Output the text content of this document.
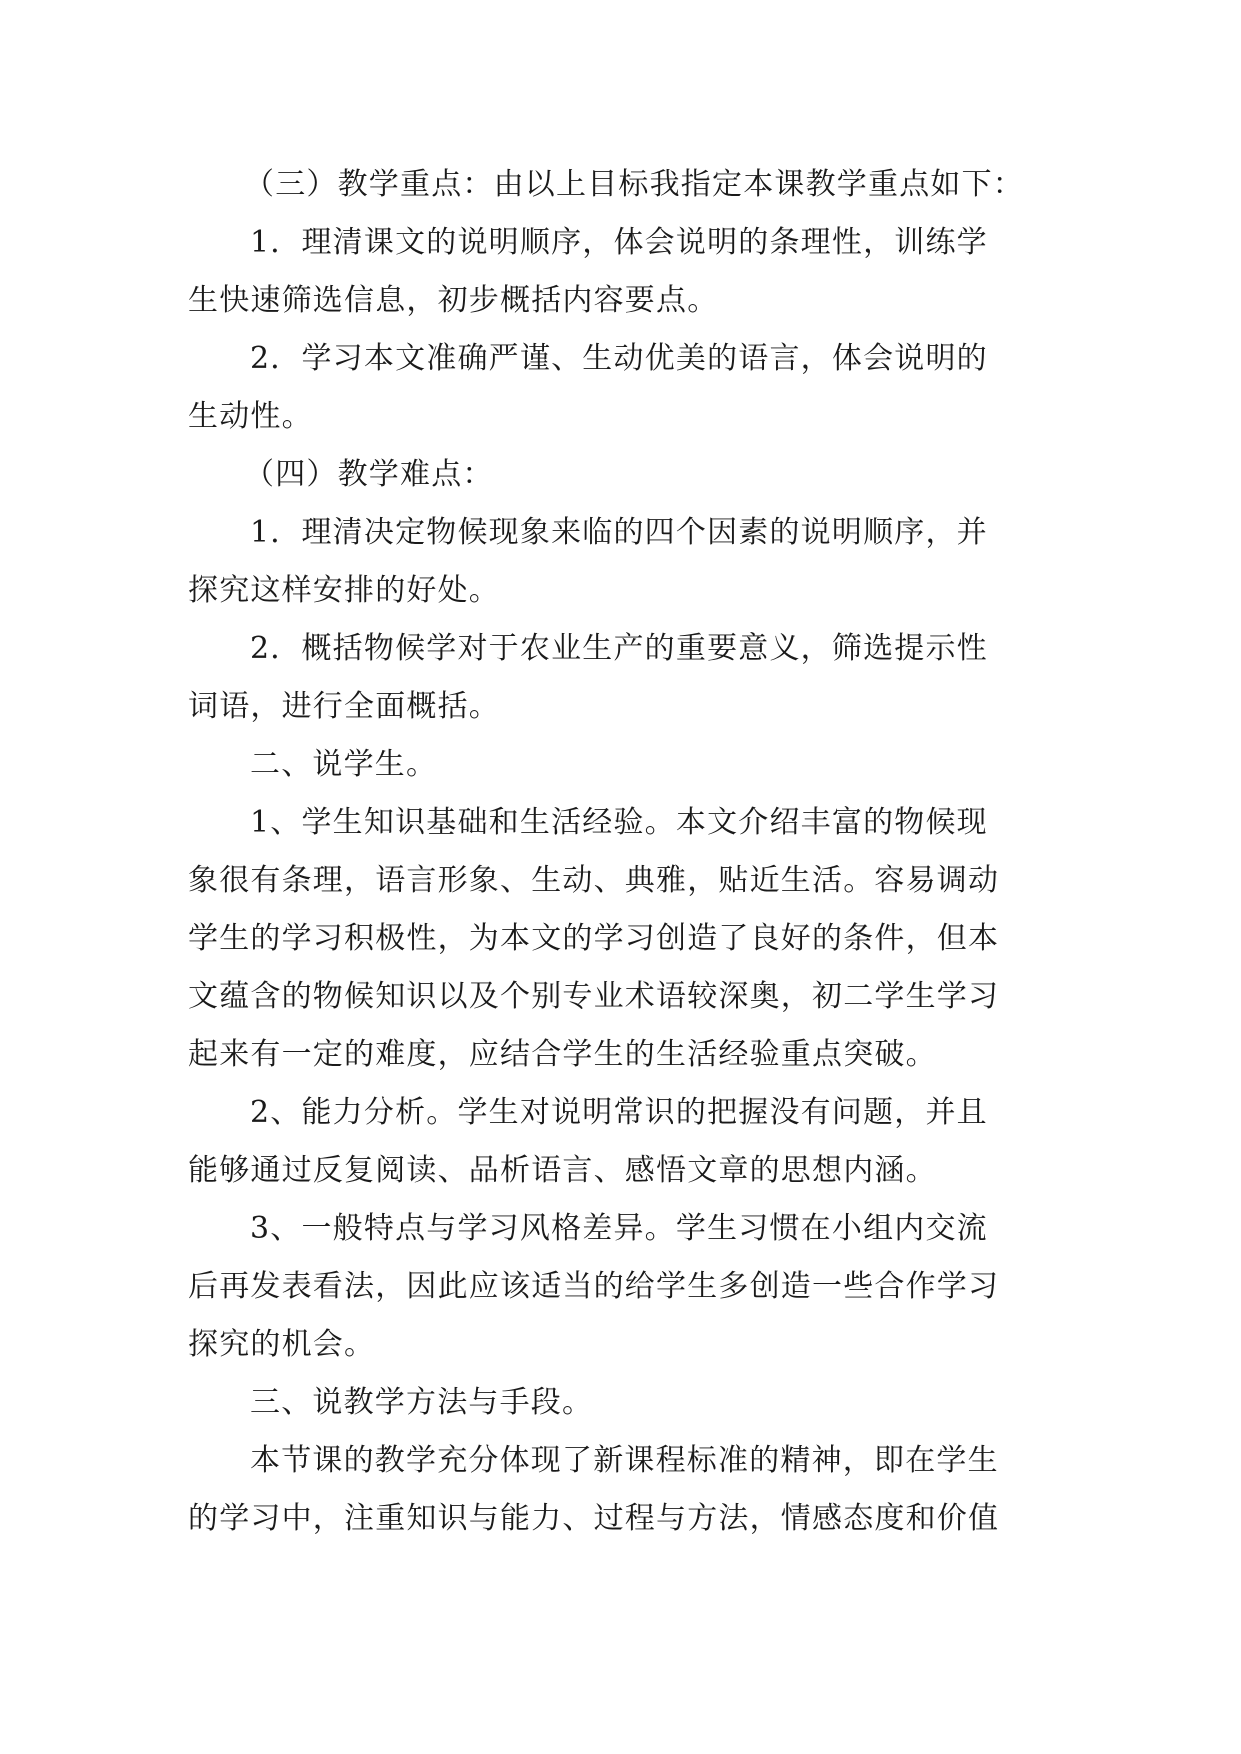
（三）教学重点：由以上目标我指定本课教学重点如下：
1．理清课文的说明顺序，体会说明的条理性，训练学
生快速筛选信息，初步概括内容要点。
2．学习本文准确严谨、生动优美的语言，体会说明的
生动性。
（四）教学难点：
1．理清决定物候现象来临的四个因素的说明顺序，并
探究这样安排的好处。
2．概括物候学对于农业生产的重要意义，筛选提示性
词语，进行全面概括。
二、说学生。
1、学生知识基础和生活经验。本文介绍丰富的物候现
象很有条理，语言形象、生动、典雅，贴近生活。容易调动
学生的学习积极性，为本文的学习创造了良好的条件，但本
文蕴含的物候知识以及个别专业术语较深奥，初二学生学习
起来有一定的难度，应结合学生的生活经验重点突破。
2、能力分析。学生对说明常识的把握没有问题，并且
能够通过反复阅读、品析语言、感悟文章的思想内涵。
3、一般特点与学习风格差异。学生习惯在小组内交流
后再发表看法，因此应该适当的给学生多创造一些合作学习
探究的机会。
三、说教学方法与手段。
本节课的教学充分体现了新课程标准的精神，即在学生
的学习中，注重知识与能力、过程与方法，情感态度和价值
